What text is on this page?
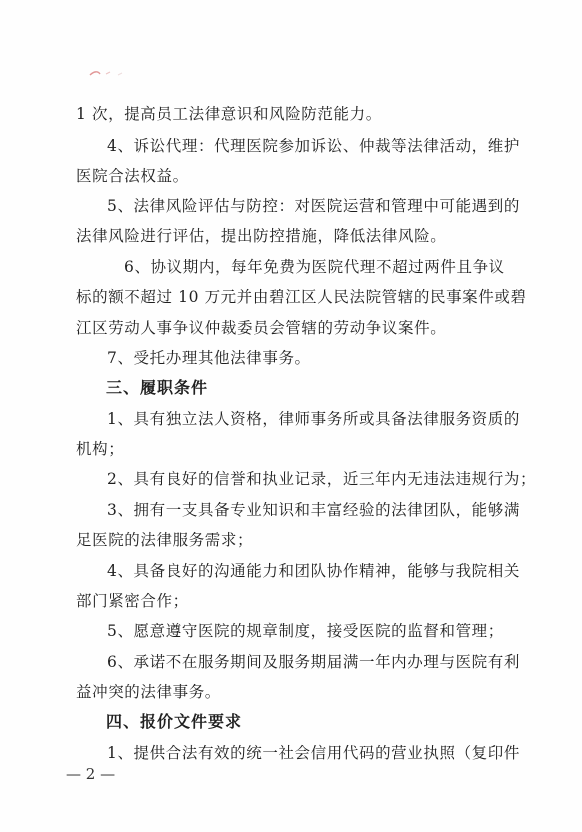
1 次，提高员工法律意识和风险防范能力。
4、诉讼代理：代理医院参加诉讼、仲裁等法律活动，维护
医院合法权益。
5、法律风险评估与防控：对医院运营和管理中可能遇到的
法律风险进行评估，提出防控措施，降低法律风险。
6、协议期内，每年免费为医院代理不超过两件且争议
标的额不超过 10 万元并由碧江区人民法院管辖的民事案件或碧
江区劳动人事争议仲裁委员会管辖的劳动争议案件。
7、受托办理其他法律事务。
三、履职条件
1、具有独立法人资格，律师事务所或具备法律服务资质的
机构；
2、具有良好的信誉和执业记录，近三年内无违法违规行为；
3、拥有一支具备专业知识和丰富经验的法律团队，能够满
足医院的法律服务需求；
4、具备良好的沟通能力和团队协作精神，能够与我院相关
部门紧密合作；
5、愿意遵守医院的规章制度，接受医院的监督和管理；
6、承诺不在服务期间及服务期届满一年内办理与医院有利
益冲突的法律事务。
四、报价文件要求
1、提供合法有效的统一社会信用代码的营业执照（复印件
— 2 —
